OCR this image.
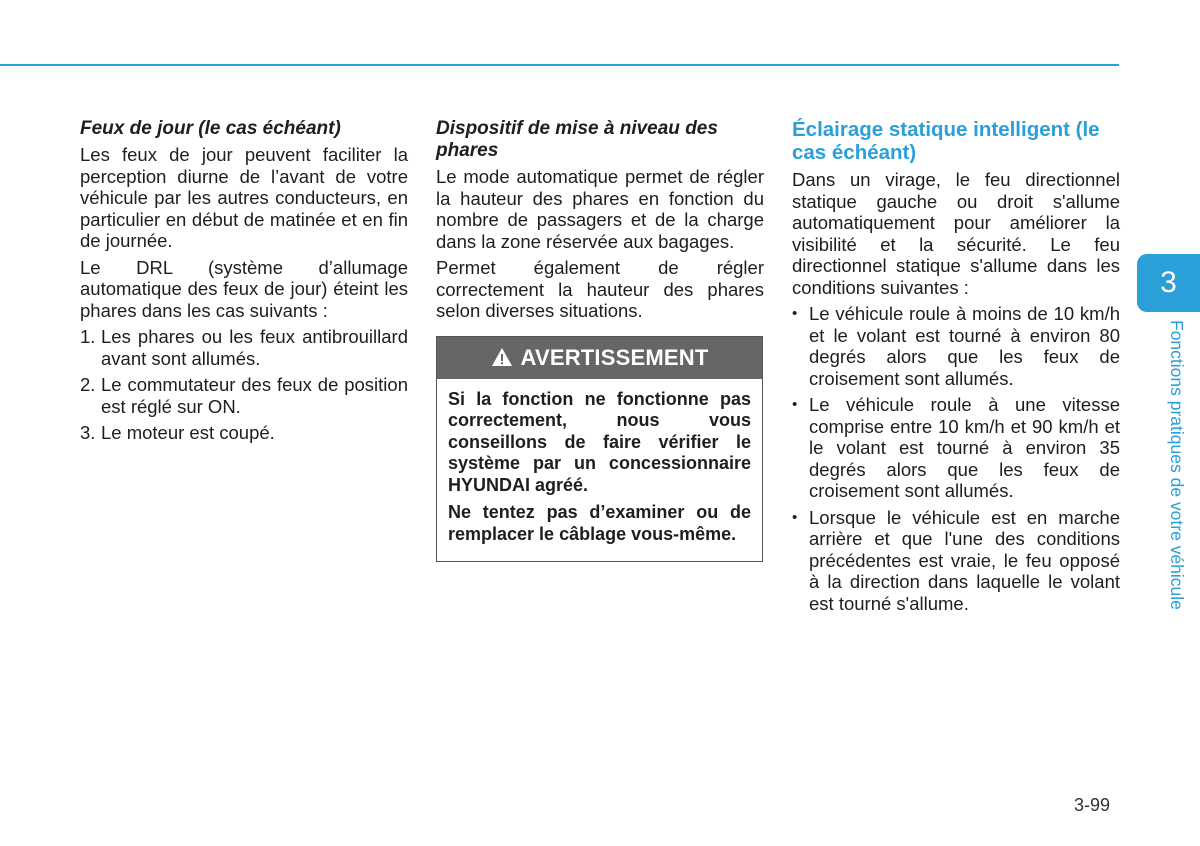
Feux de jour (le cas échéant)

Les feux de jour peuvent faciliter la perception diurne de l’avant de votre véhicule par les autres conducteurs, en particulier en début de matinée et en fin de journée.

Le DRL (système d’allumage automatique des feux de jour) éteint les phares dans les cas suivants :

1. Les phares ou les feux antibrouillard avant sont allumés.
2. Le commutateur des feux de position est réglé sur ON.
3. Le moteur est coupé.
Dispositif de mise à niveau des phares

Le mode automatique permet de régler la hauteur des phares en fonction du nombre de passagers et de la charge dans la zone réservée aux bagages.

Permet également de régler correctement la hauteur des phares selon diverses situations.

AVERTISSEMENT

Si la fonction ne fonctionne pas correctement, nous vous conseillons de faire vérifier le système par un concessionnaire HYUNDAI agréé.

Ne tentez pas d’examiner ou de remplacer le câblage vous-même.

Éclairage statique intelligent (le cas échéant)

Dans un virage, le feu directionnel statique gauche ou droit s'allume automatiquement pour améliorer la visibilité et la sécurité. Le feu directionnel statique s'allume dans les conditions suivantes :

• Le véhicule roule à moins de 10 km/h et le volant est tourné à environ 80 degrés alors que les feux de croisement sont allumés.
• Le véhicule roule à une vitesse comprise entre 10 km/h et 90 km/h et le volant est tourné à environ 35 degrés alors que les feux de croisement sont allumés.
• Lorsque le véhicule est en marche arrière et que l'une des conditions précédentes est vraie, le feu opposé à la direction dans laquelle le volant est tourné s'allume.
3
Fonctions pratiques de votre véhicule
3-99
